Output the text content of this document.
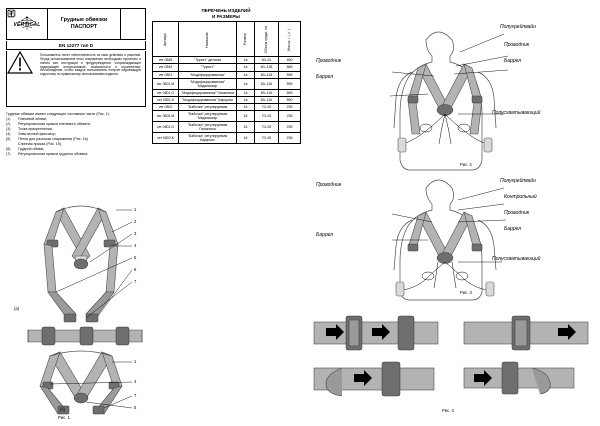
VERTICAL
Грудные обвязки
ПАСПОРТ
EN 12277 тип D
Пользователь несет ответственность за свои действия и решения. Перед использованием этого снаряжения необходимо прочитать и понять все инструкции и предупреждения, сопровождающие надлежащее использование, возможности и ограничения. Несоблюдение, чтобы каждое пользователь получит надлежащую подготовку по правильному использованию изделия.

Грудные обвязки имеют следующие составные части (Рис. 1):

(1)	Плечевой обхват,
(2)	Регулировочная пряжка плечевого обхвата,
(3)	Точка прикрепления,
(4)	Эластичный фиксатор,
(5)	Петля для разноски снаряжения (Рис. 1а)
Спинная пряжка (Рис. 1б),
(6)	Грудной обхват,
(7)	Регулировочная пряжка грудного обхвата.
ПЕРЕЧЕНЬ ИЗДЕЛИЙ
И РАЗМЕРЫ
Артикул	Название	Размер	Объем груди, см	Масса, г (± )

ver 0848	"Турист" детская	1а	60–91	490
ver 0849	"Турист"	1а	60–128	565
ver 0801	"Модифицированная"	1а	80–116	595
ver 0801.М	"Модифицированная" Мадагаскар	1а	80–116	595
ver 0801.G	"Модифицированная" Галактика	1а	80–116	595
ver 0801.К	"Модифицированная" Каркросс	1а	80–116	590
ver 0802	"Бабочка" регулируемая	16	70–92	235
ver 0802.М	"Бабочка" регулируемая Мадагаскар	16	70–92	235
ver 0802.G	"Бабочка" регулируемая Галактика	16	70–92	235
ver 0802.К	"Бабочка" регулируемая Каркросс	16	70–92	235
1
2
3
4
5
6
7
1
4
7
5
(а)
(б)
Рис. 1
Полугрейпвайн
Проводник
Баррел
Проводник
Баррел
Полусхватывающий
Рис. 2
Проводник
Полугрейпвайн
Контрольный
Проводник
Баррел
Баррел
Полусхватывающий
Рис. 3
Рис. 4
